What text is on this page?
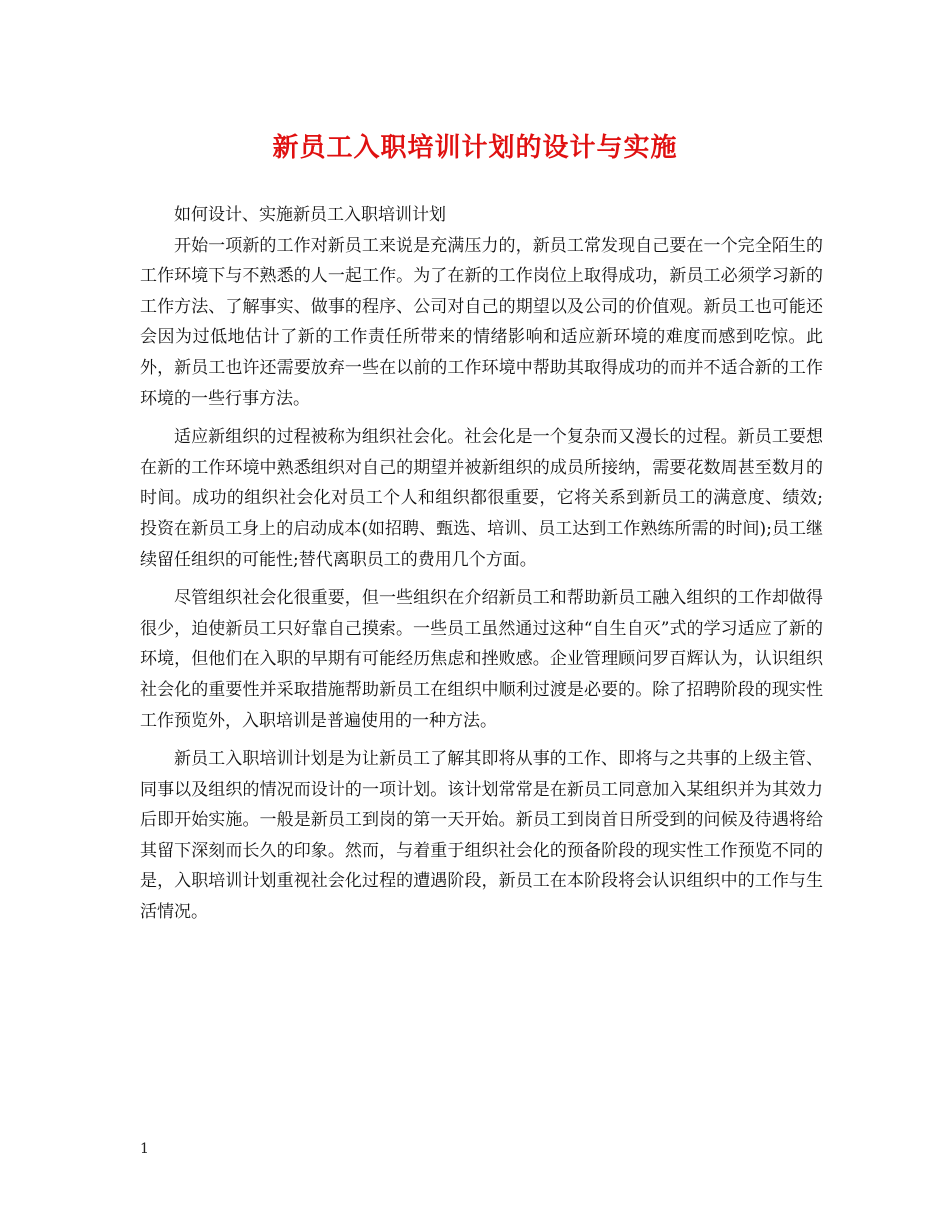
新员工入职培训计划的设计与实施

如何设计、实施新员工入职培训计划

开始一项新的工作对新员工来说是充满压力的，新员工常发现自己要在一个完全陌生的工作环境下与不熟悉的人一起工作。为了在新的工作岗位上取得成功，新员工必须学习新的工作方法、了解事实、做事的程序、公司对自己的期望以及公司的价值观。新员工也可能还会因为过低地估计了新的工作责任所带来的情绪影响和适应新环境的难度而感到吃惊。此外，新员工也许还需要放弃一些在以前的工作环境中帮助其取得成功的而并不适合新的工作环境的一些行事方法。

适应新组织的过程被称为组织社会化。社会化是一个复杂而又漫长的过程。新员工要想在新的工作环境中熟悉组织对自己的期望并被新组织的成员所接纳，需要花数周甚至数月的时间。成功的组织社会化对员工个人和组织都很重要，它将关系到新员工的满意度、绩效;投资在新员工身上的启动成本(如招聘、甄选、培训、员工达到工作熟练所需的时间);员工继续留任组织的可能性;替代离职员工的费用几个方面。

尽管组织社会化很重要，但一些组织在介绍新员工和帮助新员工融入组织的工作却做得很少，迫使新员工只好靠自己摸索。一些员工虽然通过这种“自生自灭”式的学习适应了新的环境，但他们在入职的早期有可能经历焦虑和挫败感。企业管理顾问罗百辉认为，认识组织社会化的重要性并采取措施帮助新员工在组织中顺利过渡是必要的。除了招聘阶段的现实性工作预览外，入职培训是普遍使用的一种方法。

新员工入职培训计划是为让新员工了解其即将从事的工作、即将与之共事的上级主管、同事以及组织的情况而设计的一项计划。该计划常常是在新员工同意加入某组织并为其效力后即开始实施。一般是新员工到岗的第一天开始。新员工到岗首日所受到的问候及待遇将给其留下深刻而长久的印象。然而，与着重于组织社会化的预备阶段的现实性工作预览不同的是，入职培训计划重视社会化过程的遭遇阶段，新员工在本阶段将会认识组织中的工作与生活情况。

1
